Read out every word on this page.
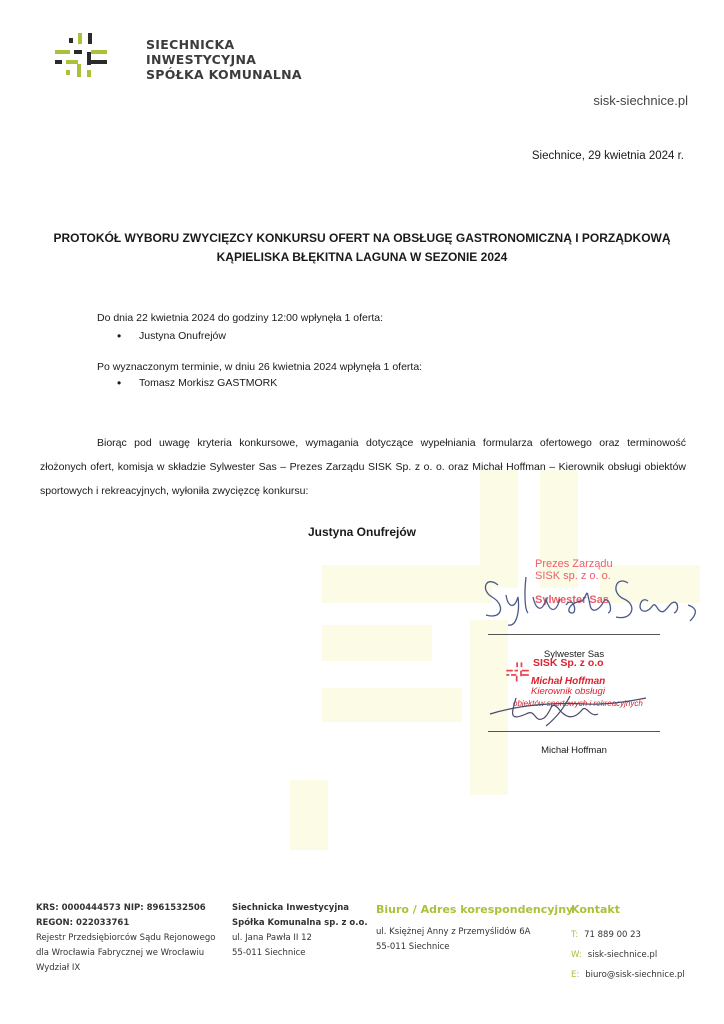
SIECHNICKA
INWESTYCYJNA
SPÓŁKA KOMUNALNA
sisk-siechnice.pl
Siechnice, 29 kwietnia 2024 r.
PROTOKÓŁ WYBORU ZWYCIĘZCY KONKURSU OFERT NA OBSŁUGĘ GASTRONOMICZNĄ I PORZĄDKOWĄ
KĄPIELISKA BŁĘKITNA LAGUNA W SEZONIE 2024
Do dnia 22 kwietnia 2024 do godziny 12:00 wpłynęła 1 oferta:
• Justyna Onufrejów
Po wyznaczonym terminie, w dniu 26 kwietnia 2024 wpłynęła 1 oferta:
• Tomasz Morkisz GASTMORK
Biorąc pod uwagę kryteria konkursowe, wymagania dotyczące wypełniania formularza ofertowego oraz terminowość złożonych ofert, komisja w składzie Sylwester Sas – Prezes Zarządu SISK Sp. z o. o. oraz Michał Hoffman – Kierownik obsługi obiektów sportowych i rekreacyjnych, wyłoniła zwycięzcę konkursu:
Justyna Onufrejów
Prezes Zarządu
SISK sp. z o. o.
Sylwester Sas
Sylwester Sas
SISK Sp. z o.o
Michał Hoffman
Kierownik obsługi
obiektów sportowych i rekreacyjnych
Michał Hoffman
KRS: 0000444573 NIP: 8961532506
REGON: 022033761
Rejestr Przedsiębiorców Sądu Rejonowego
dla Wrocławia Fabrycznej we Wrocławiu
Wydział IX
Siechnicka Inwestycyjna
Spółka Komunalna sp. z o.o.
ul. Jana Pawła II 12
55-011 Siechnice
Biuro / Adres korespondencyjny
ul. Księżnej Anny z Przemyślidów 6A
55-011 Siechnice
Kontakt
T: 71 889 00 23
W: sisk-siechnice.pl
E: biuro@sisk-siechnice.pl
